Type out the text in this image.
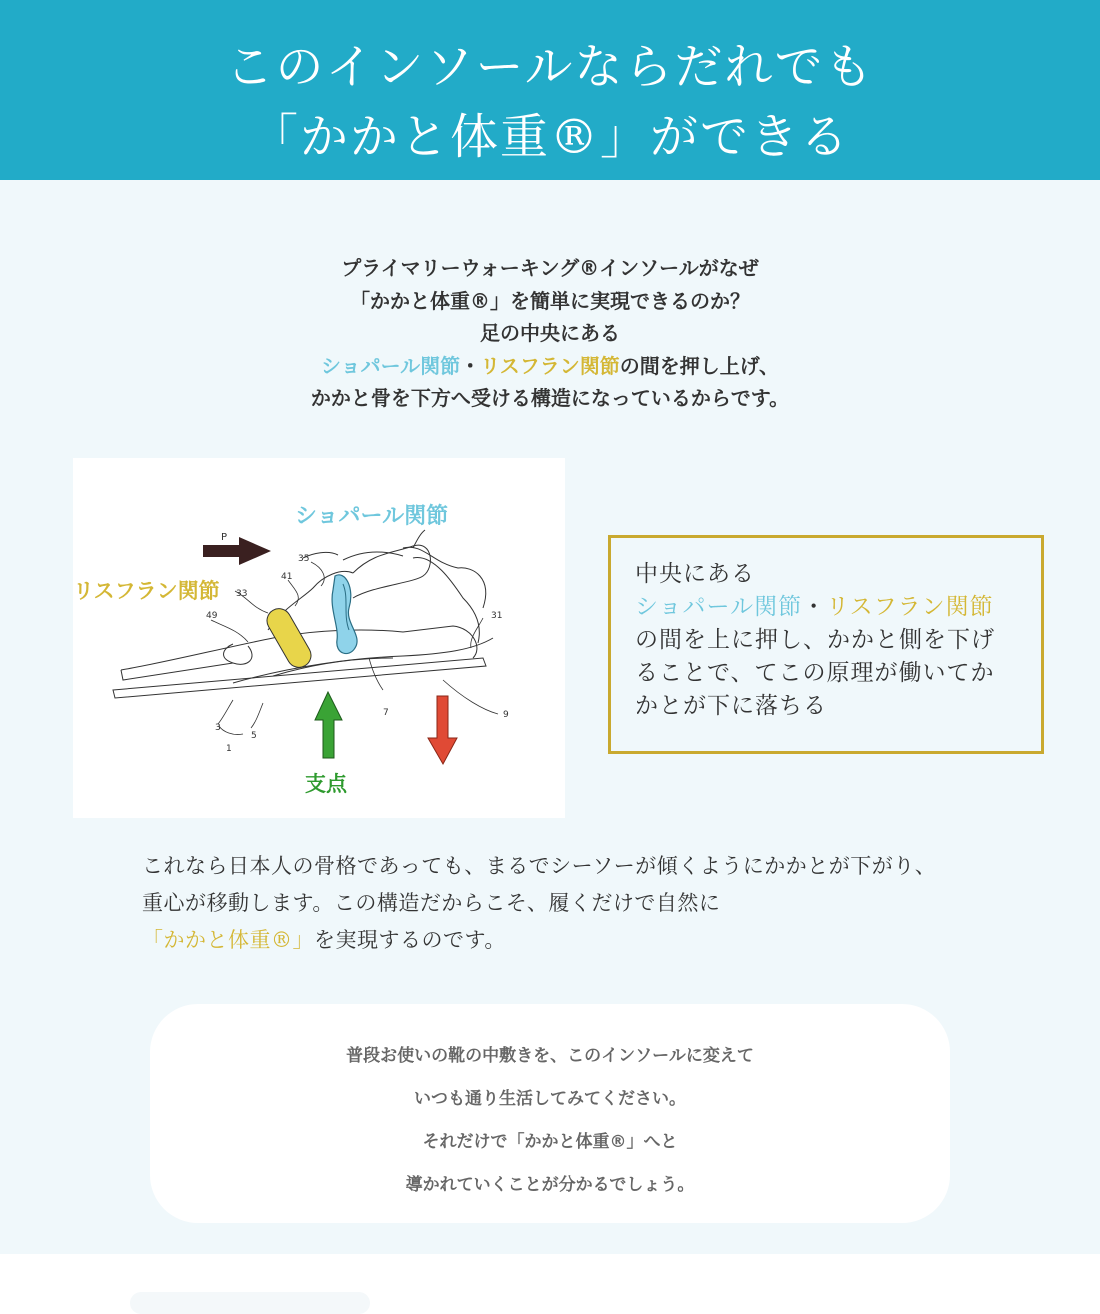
このインソールならだれでも
「かかと体重®」ができる
プライマリーウォーキング®インソールがなぜ
「かかと体重®」を簡単に実現できるのか？
足の中央にある
ショパール関節・リスフラン関節の間を押し上げ、
かかと骨を下方へ受ける構造になっているからです。
ショパール関節
リスフラン関節
支点
P
35
41
33
49	31
7	9
3
5
1
中央にある
ショパール関節・リスフラン関節
の間を上に押し、かかと側を下げ
ることで、てこの原理が働いてか
かとが下に落ちる
これなら日本人の骨格であっても、まるでシーソーが傾くようにかかとが下がり、
重心が移動します。この構造だからこそ、履くだけで自然に
「かかと体重®」を実現するのです。
普段お使いの靴の中敷きを、このインソールに変えて
いつも通り生活してみてください。
それだけで「かかと体重®」へと
導かれていくことが分かるでしょう。
